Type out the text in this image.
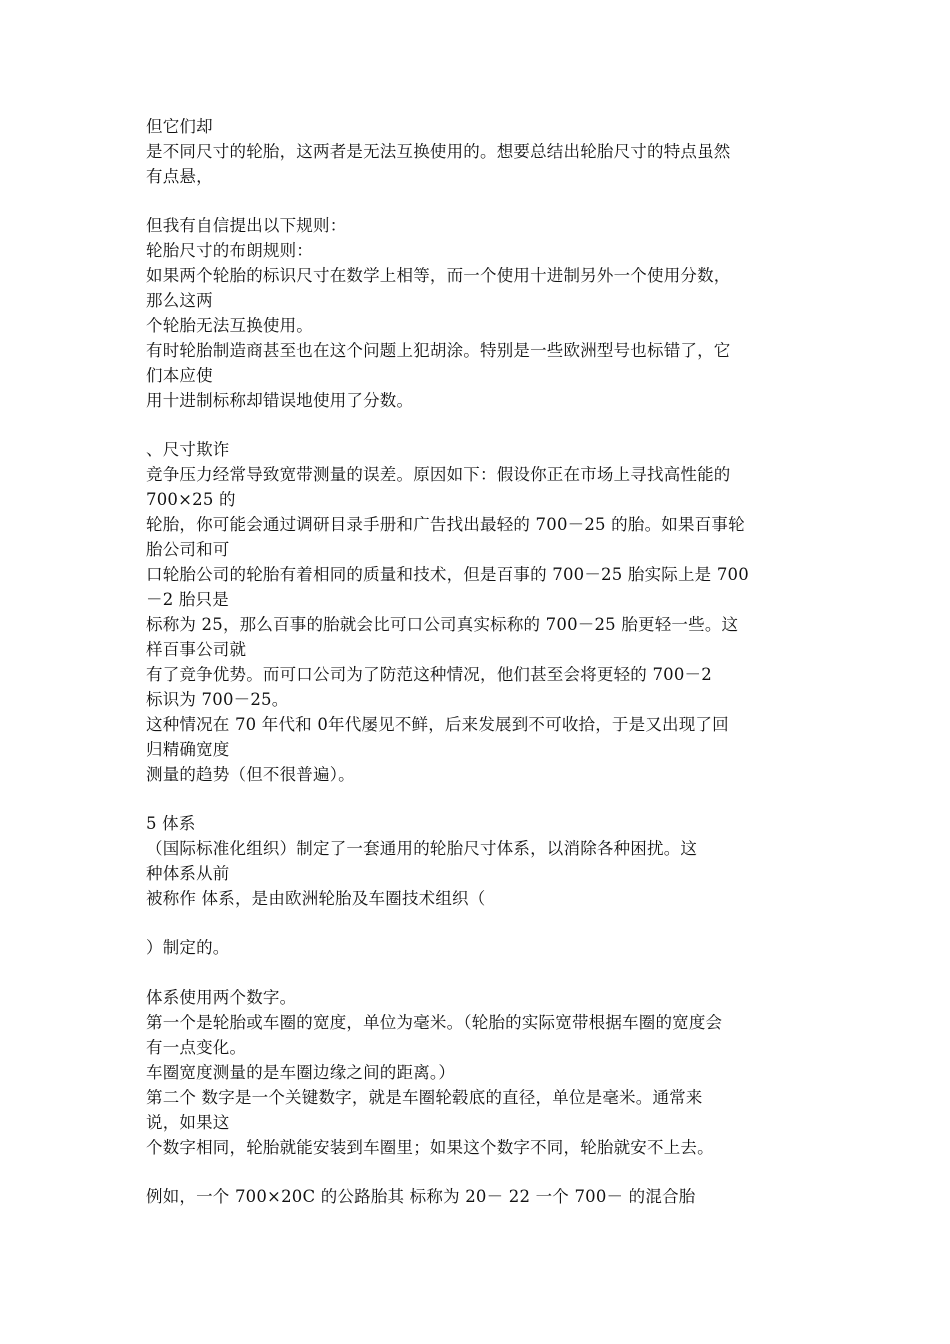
但它们却
是不同尺寸的轮胎，这两者是无法互换使用的。想要总结出轮胎尺寸的特点虽然
有点悬，
但我有自信提出以下规则：
轮胎尺寸的布朗规则：
如果两个轮胎的标识尺寸在数学上相等，而一个使用十进制另外一个使用分数，
那么这两
个轮胎无法互换使用。
有时轮胎制造商甚至也在这个问题上犯胡涂。特别是一些欧洲型号也标错了，它
们本应使
用十进制标称却错误地使用了分数。
、尺寸欺诈
竞争压力经常导致宽带测量的误差。原因如下：假设你正在市场上寻找高性能的
700×25 的
轮胎，你可能会通过调研目录手册和广告找出最轻的 700－25 的胎。如果百事轮
胎公司和可
口轮胎公司的轮胎有着相同的质量和技术，但是百事的 700－25 胎实际上是 700
－2 胎只是
标称为 25，那么百事的胎就会比可口公司真实标称的 700－25 胎更轻一些。这
样百事公司就
有了竞争优势。而可口公司为了防范这种情况，他们甚至会将更轻的 700－2
标识为 700－25。
这种情况在 70 年代和 0年代屡见不鲜，后来发展到不可收拾，于是又出现了回
归精确宽度
测量的趋势（但不很普遍）。
5 体系
（国际标准化组织）制定了一套通用的轮胎尺寸体系，以消除各种困扰。这
种体系从前
被称作 体系，是由欧洲轮胎及车圈技术组织（
）制定的。
体系使用两个数字。
第一个是轮胎或车圈的宽度，单位为毫米。（轮胎的实际宽带根据车圈的宽度会
有一点变化。
车圈宽度测量的是车圈边缘之间的距离。）
第二个 数字是一个关键数字，就是车圈轮毂底的直径，单位是毫米。通常来
说，如果这
个数字相同，轮胎就能安装到车圈里；如果这个数字不同，轮胎就安不上去。
例如，一个 700×20C 的公路胎其 标称为 20－ 22 一个 700－ 的混合胎
